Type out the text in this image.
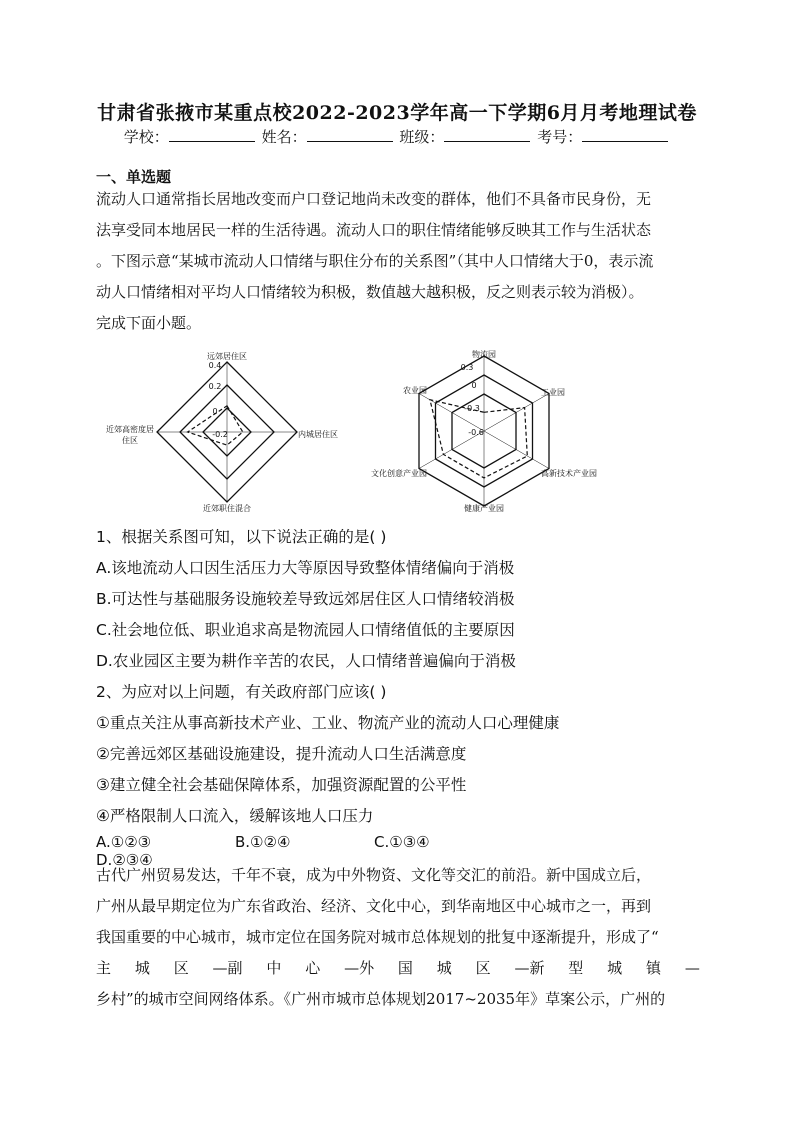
甘肃省张掖市某重点校2022-2023学年高一下学期6月月考地理试卷
学校：	姓名：	班级：	考号：
一、单选题
流动人口通常指长居地改变而户口登记地尚未改变的群体，他们不具备市民身份，无
法享受同本地居民一样的生活待遇。流动人口的职住情绪能够反映其工作与生活状态
。下图示意“某城市流动人口情绪与职住分布的关系图”（其中人口情绪大于0，表示流
动人口情绪相对平均人口情绪较为积极，数值越大越积极，反之则表示较为消极）。
完成下面小题。
远郊居住区
内城居住区
近郊职住混合
近郊高密度居住区
0.4
0.2
0
-0.2
物流园
工业园
高新技术产业园
健康产业园
文化创意产业园
农业园
0.3
0
-0.3
-0.6
1、根据关系图可知，以下说法正确的是( )
A.该地流动人口因生活压力大等原因导致整体情绪偏向于消极
B.可达性与基础服务设施较差导致远郊居住区人口情绪较消极
C.社会地位低、职业追求高是物流园人口情绪值低的主要原因
D.农业园区主要为耕作辛苦的农民，人口情绪普遍偏向于消极
2、为应对以上问题，有关政府部门应该( )
①重点关注从事高新技术产业、工业、物流产业的流动人口心理健康
②完善远郊区基础设施建设，提升流动人口生活满意度
③建立健全社会基础保障体系，加强资源配置的公平性
④严格限制人口流入，缓解该地人口压力
A.①②③	B.①②④	C.①③④D.②③④
古代广州贸易发达，千年不衰，成为中外物资、文化等交汇的前沿。新中国成立后，
广州从最早期定位为广东省政治、经济、文化中心，到华南地区中心城市之一，再到
我国重要的中心城市，城市定位在国务院对城市总体规划的批复中逐渐提升，形成了“
主 城 区 —副 中 心 —外 国 城 区 —新 型 城 镇 —
乡村”的城市空间网络体系。《广州市城市总体规划2017~2035年》草案公示，广州的
